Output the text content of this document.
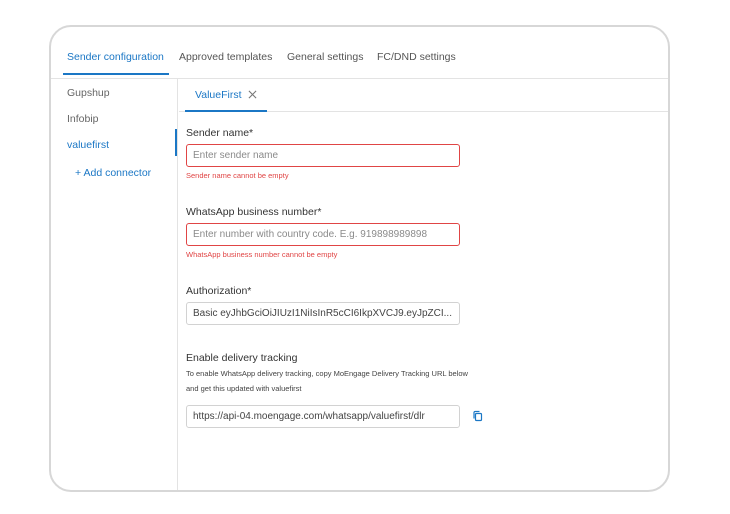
Sender configuration Approved templates General settings FC/DND settings
Gupshup
Infobip
valuefirst
+ Add connector
ValueFirst
Sender name*
Enter sender name
Sender name cannot be empty
WhatsApp business number*
Enter number with country code. E.g. 919898989898
WhatsApp business number cannot be empty
Authorization*
Basic eyJhbGciOiJIUzI1NiIsInR5cCI6IkpXVCJ9.eyJpZCI...
Enable delivery tracking
To enable WhatsApp delivery tracking, copy MoEngage Delivery Tracking URL below
and get this updated with valuefirst
https://api-04.moengage.com/whatsapp/valuefirst/dlr
